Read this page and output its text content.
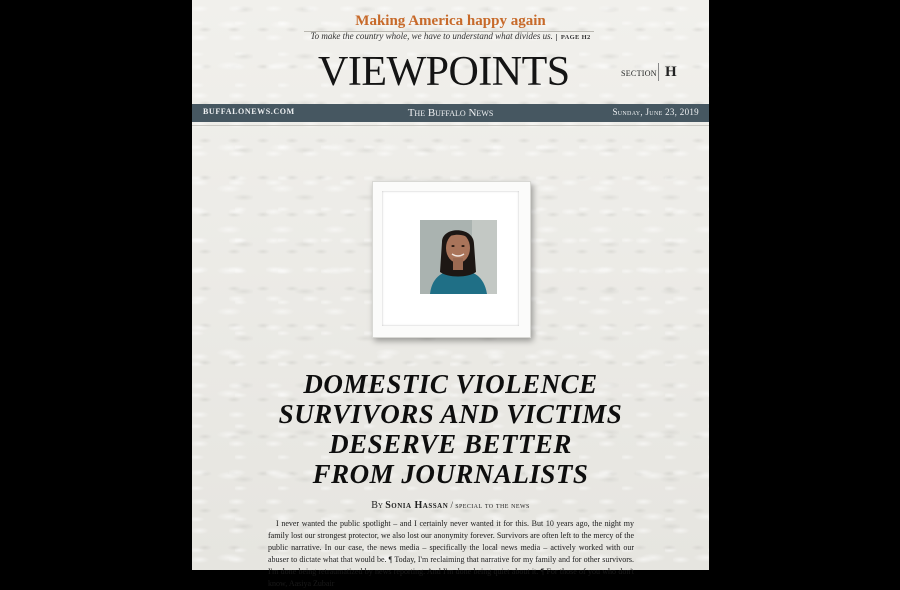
Making America happy again
To make the country whole, we have to understand what divides us. PAGE H2
VIEWPOINTS	SECTION H
BUFFALONEWS.COM	The Buffalo News	Sunday, June 23, 2019
DOMESTIC VIOLENCE
SURVIVORS AND VICTIMS
DESERVE BETTER
FROM JOURNALISTS
By Sonia Hassan / special to the news
I never wanted the public spotlight – and I certainly never wanted it for this. But 10 years ago, the night my family lost our strongest protector, we also lost our anonymity forever. Survivors are often left to the mercy of the public narrative. In our case, the news media – specifically the local news media – actively worked with our abuser to dictate what that would be. ¶ Today, I'm reclaiming that narrative for my family and for other survivors. I'm done being retraumatized by news reporting. And I'm done being quiet about it. ¶ For those of you who don't know, Aasiya Zubair
